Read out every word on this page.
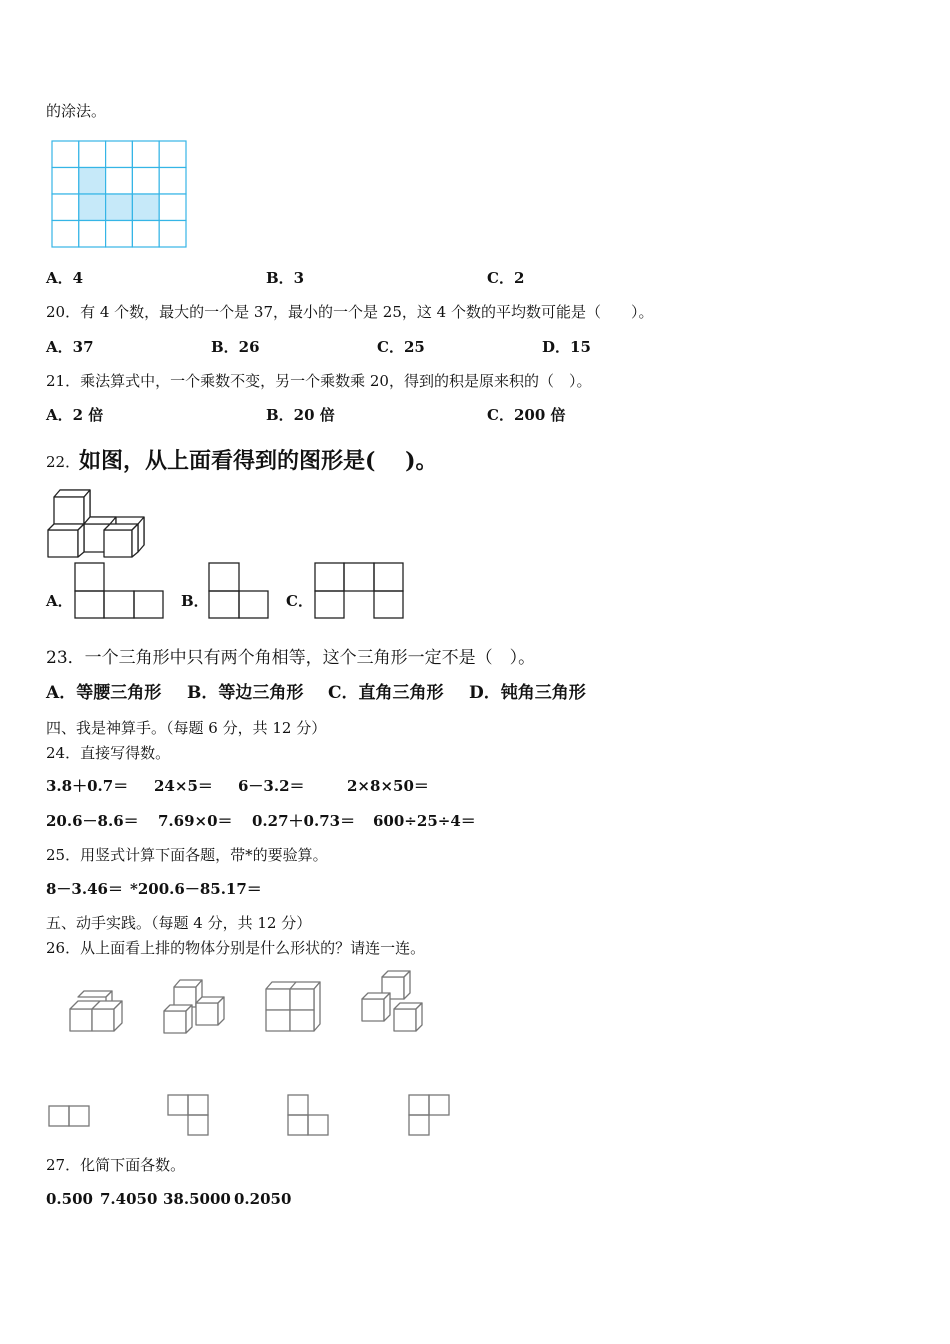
的涂法。
A．4	B．3	C．2
20．有 4 个数，最大的一个是 37，最小的一个是 25，这 4 个数的平均数可能是（　　）。
A．37	B．26	C．25	D．15
21．乘法算式中，一个乘数不变，另一个乘数乘 20，得到的积是原来积的（　）。
A．2 倍	B．20 倍	C．200 倍
22．
如图，从上面看得到的图形是(　 )。
A．	B．	C．
23．一个三角形中只有两个角相等，这个三角形一定不是（　）。
A．等腰三角形 B．等边三角形 C．直角三角形 D．钝角三角形
四、我是神算手。（每题 6 分，共 12 分）
24．直接写得数。
3.8＋0.7＝ 24×5＝ 6－3.2＝	2×8×50＝
20.6－8.6＝ 7.69×0＝ 0.27＋0.73＝ 600÷25÷4＝
25．用竖式计算下面各题，带*的要验算。
8－3.46＝ *200.6－85.17＝
五、动手实践。（每题 4 分，共 12 分）
26．从上面看上排的物体分别是什么形状的？请连一连。
27．化简下面各数。
0.500 7.4050 38.5000 0.2050
